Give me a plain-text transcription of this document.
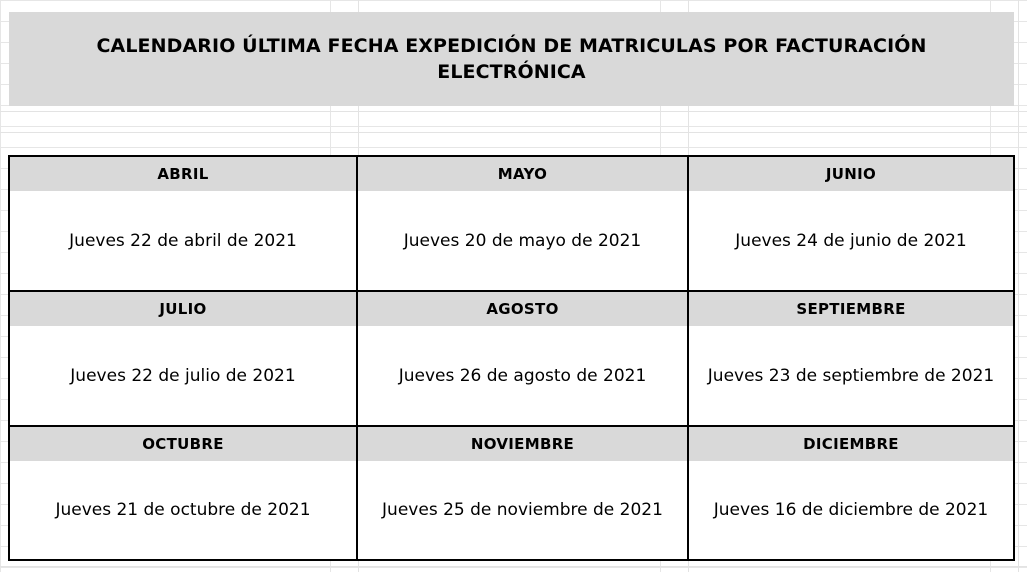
CALENDARIO ÚLTIMA FECHA EXPEDICIÓN DE MATRICULAS POR FACTURACIÓN ELECTRÓNICA
ABRIL
Jueves 22 de abril de 2021
MAYO
Jueves 20 de mayo de 2021
JUNIO
Jueves 24 de junio de 2021
JULIO
Jueves 22 de julio de 2021
AGOSTO
Jueves 26 de agosto de 2021
SEPTIEMBRE
Jueves 23 de septiembre de 2021
OCTUBRE
Jueves 21 de octubre de 2021
NOVIEMBRE
Jueves 25 de noviembre de 2021
DICIEMBRE
Jueves 16 de diciembre de 2021
